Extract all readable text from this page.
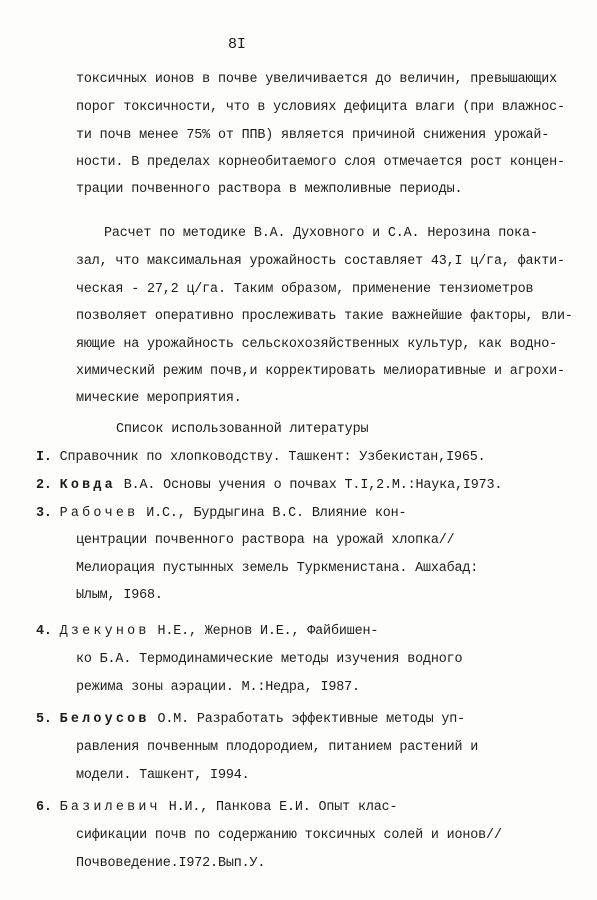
8I
токсичных ионов в почве увеличивается до величин, превышающих
порог токсичности, что в условиях дефицита влаги (при влажнос-
ти почв менее 75% от ППВ) является причиной снижения урожай-
ности. В пределах корнеобитаемого слоя отмечается рост концен-
трации почвенного раствора в межполивные периоды.
Расчет по методике В.А. Духовного и С.А. Нерозина пока-
зал, что максимальная урожайность составляет 43,I ц/га, факти-
ческая - 27,2 ц/га. Таким образом, применение тензиометров
позволяет оперативно прослеживать такие важнейшие факторы, вли-
яющие на урожайность сельскохозяйственных культур, как водно-
химический режим почв,и корректировать мелиоративные и агрохи-
мические мероприятия.
Список использованной литературы
I. Справочник по хлопководству. Ташкент: Узбекистан,I965.
2. Ковда В.А. Основы учения о почвах Т.I,2.М.:Наука,I973.
3. Рабочев И.С., Бурдыгина В.С. Влияние кон-
центрации почвенного раствора на урожай хлопка//
Мелиорация пустынных земель Туркменистана. Ашхабад:
Ылым, I968.
4. Дзекунов Н.Е., Жернов И.Е., Файбишен-
ко Б.А. Термодинамические методы изучения водного
режима зоны аэрации. М.:Недра, I987.
5. Белоусов О.М. Разработать эффективные методы уп-
равления почвенным плодородием, питанием растений и
модели. Ташкент, I994.
6. Базилевич Н.И., Панкова Е.И. Опыт клас-
сификации почв по содержанию токсичных солей и ионов//
Почвоведение.I972.Вып.У.
